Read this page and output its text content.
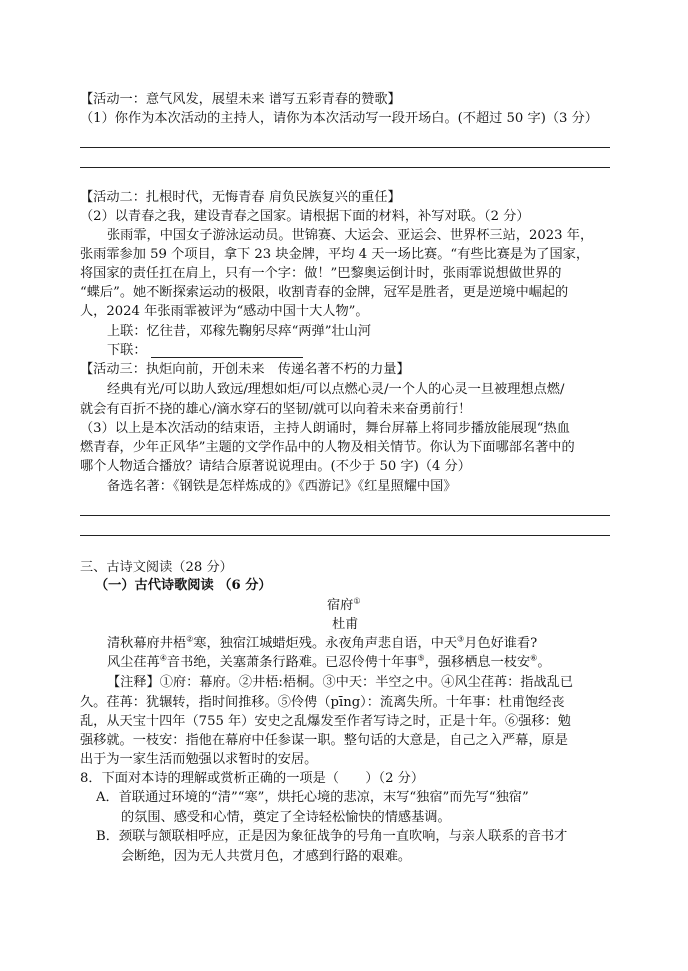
【活动一：意气风发，展望未来 谱写五彩青春的赞歌】
（1）你作为本次活动的主持人，请你为本次活动写一段开场白。(不超过 50 字)（3 分）
【活动二：扎根时代，无悔青春 肩负民族复兴的重任】
（2）以青春之我，建设青春之国家。请根据下面的材料，补写对联。（2 分）
张雨霏，中国女子游泳运动员。世锦赛、大运会、亚运会、世界杯三站，2023 年，
张雨霏参加 59 个项目，拿下 23 块金牌，平均 4 天一场比赛。“有些比赛是为了国家，
将国家的责任扛在肩上，只有一个字：做！”巴黎奥运倒计时，张雨霏说想做世界的
“蝶后”。她不断探索运动的极限，收割青春的金牌，冠军是胜者，更是逆境中崛起的
人，2024 年张雨霏被评为“感动中国十大人物”。
上联：忆往昔，邓稼先鞠躬尽瘁“两弹”壮山河
下联：
【活动三：执炬向前，开创未来　传递名著不朽的力量】
经典有光/可以助人致远/理想如炬/可以点燃心灵/一个人的心灵一旦被理想点燃/
就会有百折不挠的雄心/滴水穿石的坚韧/就可以向着未来奋勇前行！
（3）以上是本次活动的结束语，主持人朗诵时，舞台屏幕上将同步播放能展现“热血
燃青春，少年正风华”主题的文学作品中的人物及相关情节。你认为下面哪部名著中的
哪个人物适合播放？请结合原著说说理由。(不少于 50 字)（4 分）
备选名著：《钢铁是怎样炼成的》《西游记》《红星照耀中国》
三、古诗文阅读（28 分）
（一）古代诗歌阅读 （6 分）
宿府①
杜甫
清秋幕府井梧②寒，独宿江城蜡炬残。永夜角声悲自语，中天③月色好谁看?
风尘荏苒④音书绝，关塞萧条行路难。已忍伶俜十年事⑤，强移栖息一枝安⑥。
【注释】①府：幕府。②井梧:梧桐。③中天：半空之中。④风尘荏苒：指战乱已
久。荏苒：犹辗转，指时间推移。⑤伶俜（pīng）：流离失所。十年事：杜甫饱经丧
乱，从天宝十四年（755 年）安史之乱爆发至作者写诗之时，正是十年。⑥强移：勉
强移就。一枝安：指他在幕府中任参谋一职。整句话的大意是，自己之入严幕，原是
出于为一家生活而勉强以求暂时的安居。
8．下面对本诗的理解或赏析正确的一项是（　　）（2 分）
A．首联通过环境的“清”“寒”，烘托心境的悲凉，末写“独宿”而先写“独宿”
的氛围、感受和心情，奠定了全诗轻松愉快的情感基调。
B．颈联与颔联相呼应，正是因为象征战争的号角一直吹响，与亲人联系的音书才
会断绝，因为无人共赏月色，才感到行路的艰难。
